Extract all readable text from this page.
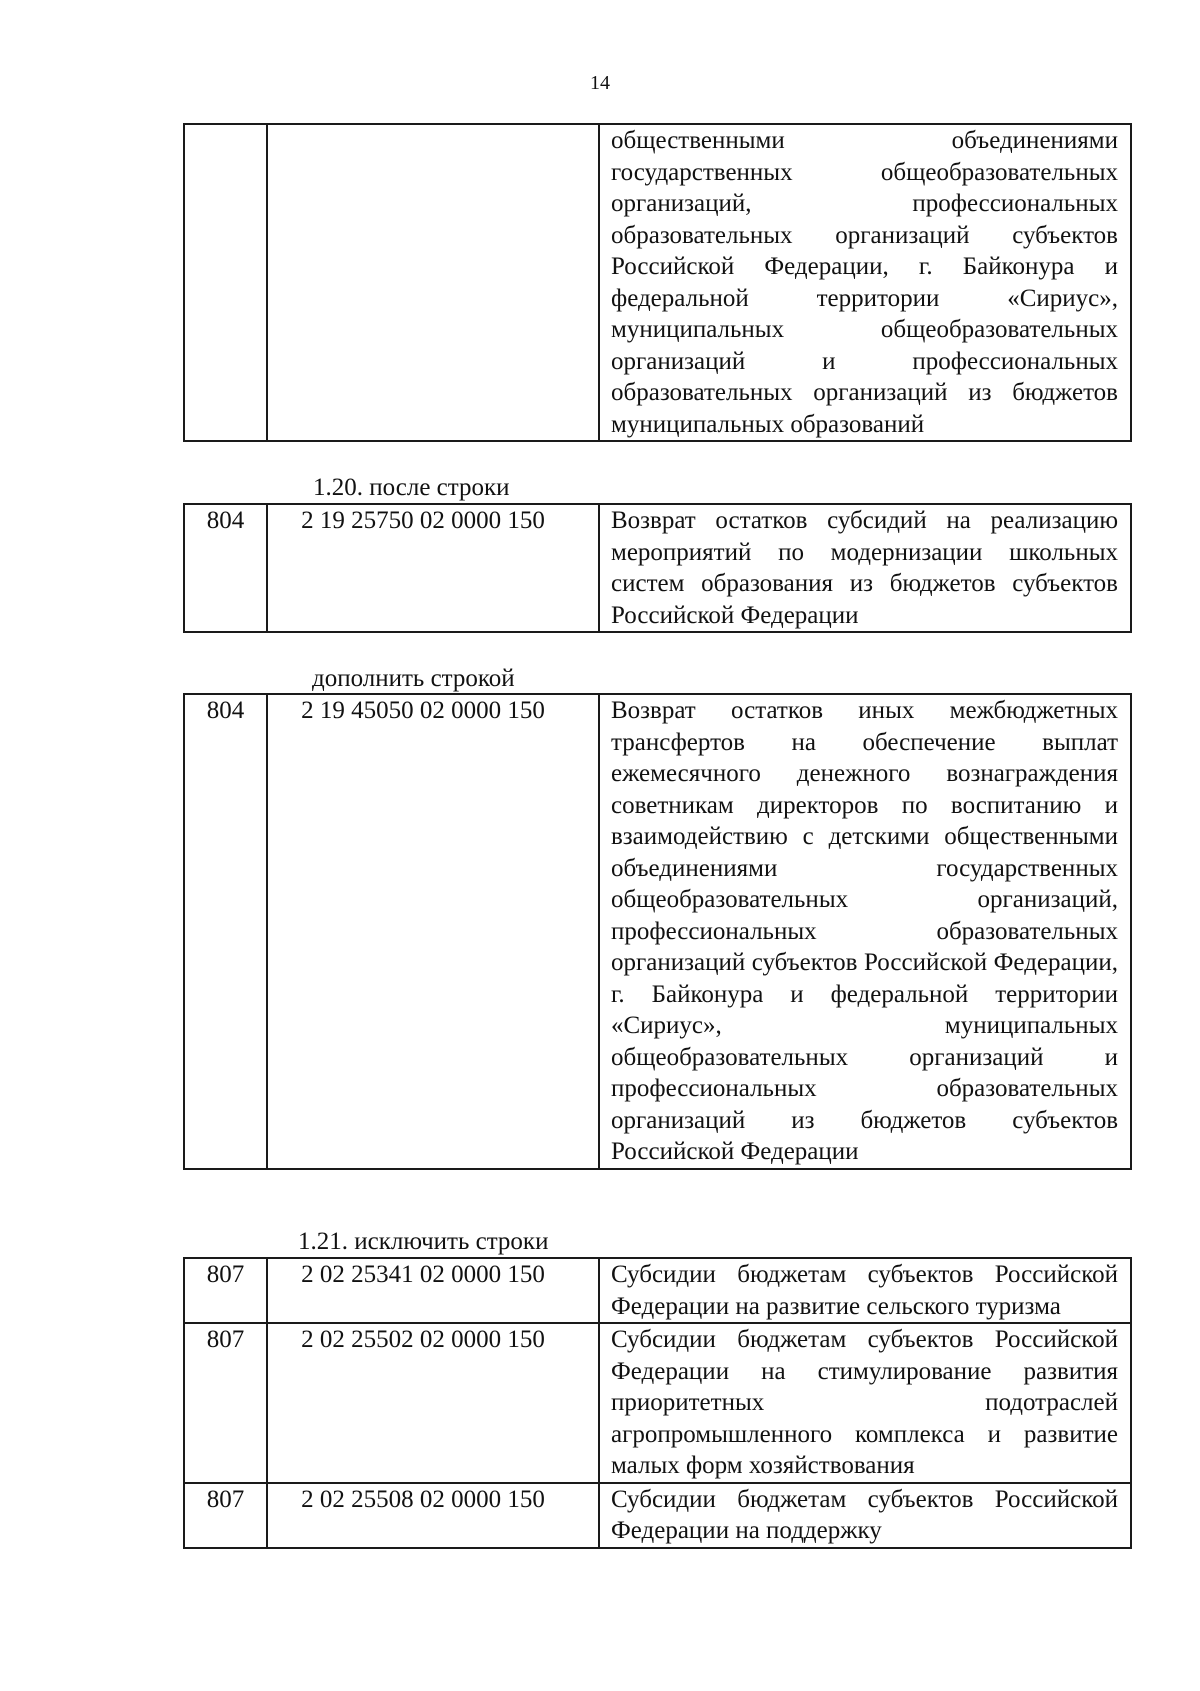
14
		общественными объединениями государственных общеобразовательных организаций, профессиональных образовательных организаций субъектов Российской Федерации, г. Байконура и федеральной территории «Сириус», муниципальных общеобразовательных организаций и профессиональных образовательных организаций из бюджетов муниципальных образований
1.20. после строки
804	2 19 25750 02 0000 150	Возврат остатков субсидий на реализацию мероприятий по модернизации школьных систем образования из бюджетов субъектов Российской Федерации
дополнить строкой
804	2 19 45050 02 0000 150	Возврат остатков иных межбюджетных трансфертов на обеспечение выплат ежемесячного денежного вознаграждения советникам директоров по воспитанию и взаимодействию с детскими общественными объединениями государственных общеобразовательных организаций, профессиональных образовательных организаций субъектов Российской Федерации, г. Байконура и федеральной территории «Сириус», муниципальных общеобразовательных организаций и профессиональных образовательных организаций из бюджетов субъектов Российской Федерации
1.21. исключить строки
807	2 02 25341 02 0000 150	Субсидии бюджетам субъектов Российской Федерации на развитие сельского туризма
807	2 02 25502 02 0000 150	Субсидии бюджетам субъектов Российской Федерации на стимулирование развития приоритетных подотраслей агропромышленного комплекса и развитие малых форм хозяйствования
807	2 02 25508 02 0000 150	Субсидии бюджетам субъектов Российской Федерации на поддержку
